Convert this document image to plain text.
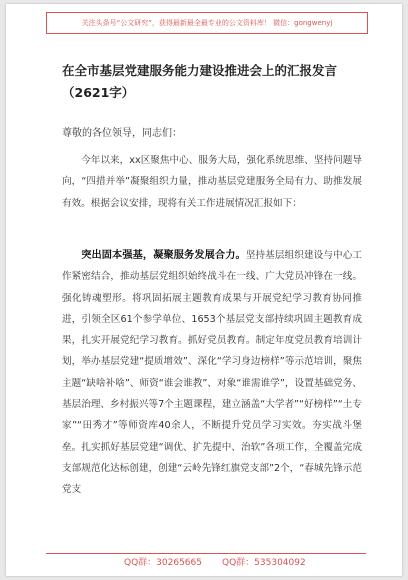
关注头条号“公文研究”，获得最新最全最专业的公文资料库！ 微信：gongwenyj
在全市基层党建服务能力建设推进会上的汇报发言（2621字）
尊敬的各位领导，同志们：

今年以来，xx区聚焦中心、服务大局，强化系统思维、坚持问题导向，“四措并举”凝聚组织力量，推动基层党建服务全局有力、助推发展有效。根据会议安排，现将有关工作进展情况汇报如下：

突出固本强基，凝聚服务发展合力。坚持基层组织建设与中心工作紧密结合，推动基层党组织始终战斗在一线、广大党员冲锋在一线。强化铸魂塑形。将巩固拓展主题教育成果与开展党纪学习教育协同推进，引领全区61个参学单位、1653个基层党支部持续巩固主题教育成果，扎实开展党纪学习教育。抓好党员教育。制定年度党员教育培训计划，举办基层党建“提质增效”、深化“学习身边榜样”等示范培训，聚焦主题“缺啥补啥”、师资“谁会谁教”、对象“谁需谁学”，设置基础党务、基层治理、乡村振兴等7个主题课程，建立涵盖“大学者”“好榜样”“土专家”“田秀才”等师资库40余人，不断提升党员学习实效。夯实战斗堡垒。扎实抓好基层党建“调优、扩先提中、治软”各项工作，全覆盖完成支部规范化达标创建，创建“云岭先锋红旗党支部”2个，“春城先锋示范党支

QQ群：30265665 QQ群：535304092
